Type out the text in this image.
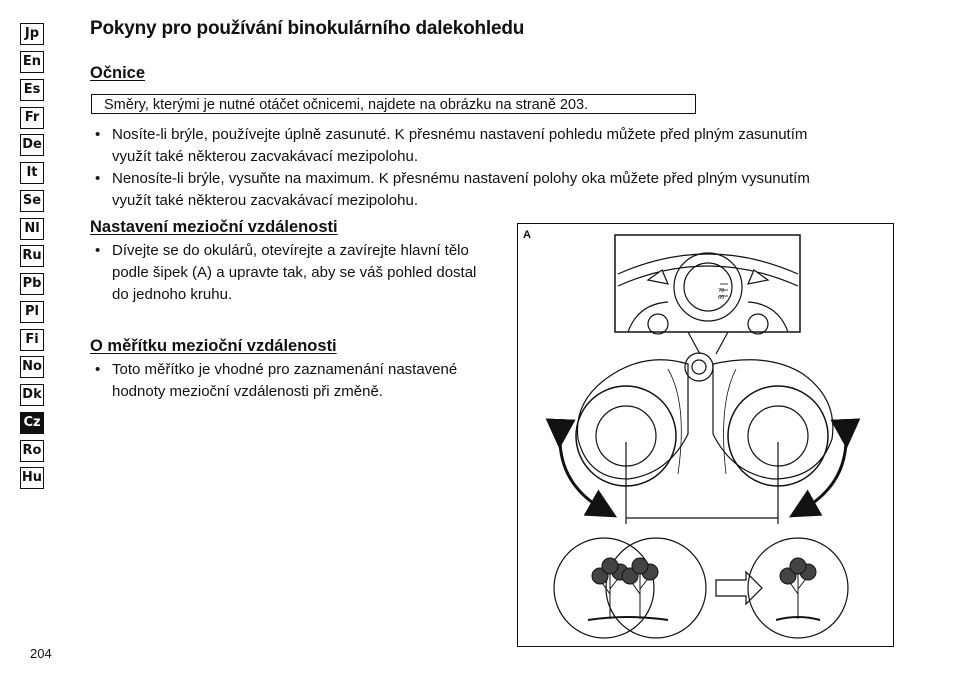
Jp
En
Es
Fr
De
It
Se
Nl
Ru
Pb
Pl
Fi
No
Dk
Cz
Ro
Hu
Pokyny pro používání binokulárního dalekohledu
Očnice
Směry, kterými je nutné otáčet očnicemi, najdete na obrázku na straně 203.
• Nosíte-li brýle, používejte úplně zasunuté. K přesnému nastavení pohledu můžete před plným zasunutím využít také některou zacvakávací mezipolohu.
• Nenosíte-li brýle, vysuňte na maximum. K přesnému nastavení polohy oka můžete před plným vysunutím využít také některou zacvakávací mezipolohu.
Nastavení mezioční vzdálenosti
• Dívejte se do okulárů, otevírejte a zavírejte hlavní tělo podle šipek (A) a upravte tak, aby se váš pohled dostal do jednoho kruhu.
O měřítku mezioční vzdálenosti
• Toto měřítko je vhodné pro zaznamenání nastavené hodnoty mezioční vzdálenosti při změně.
204
A
70
60
